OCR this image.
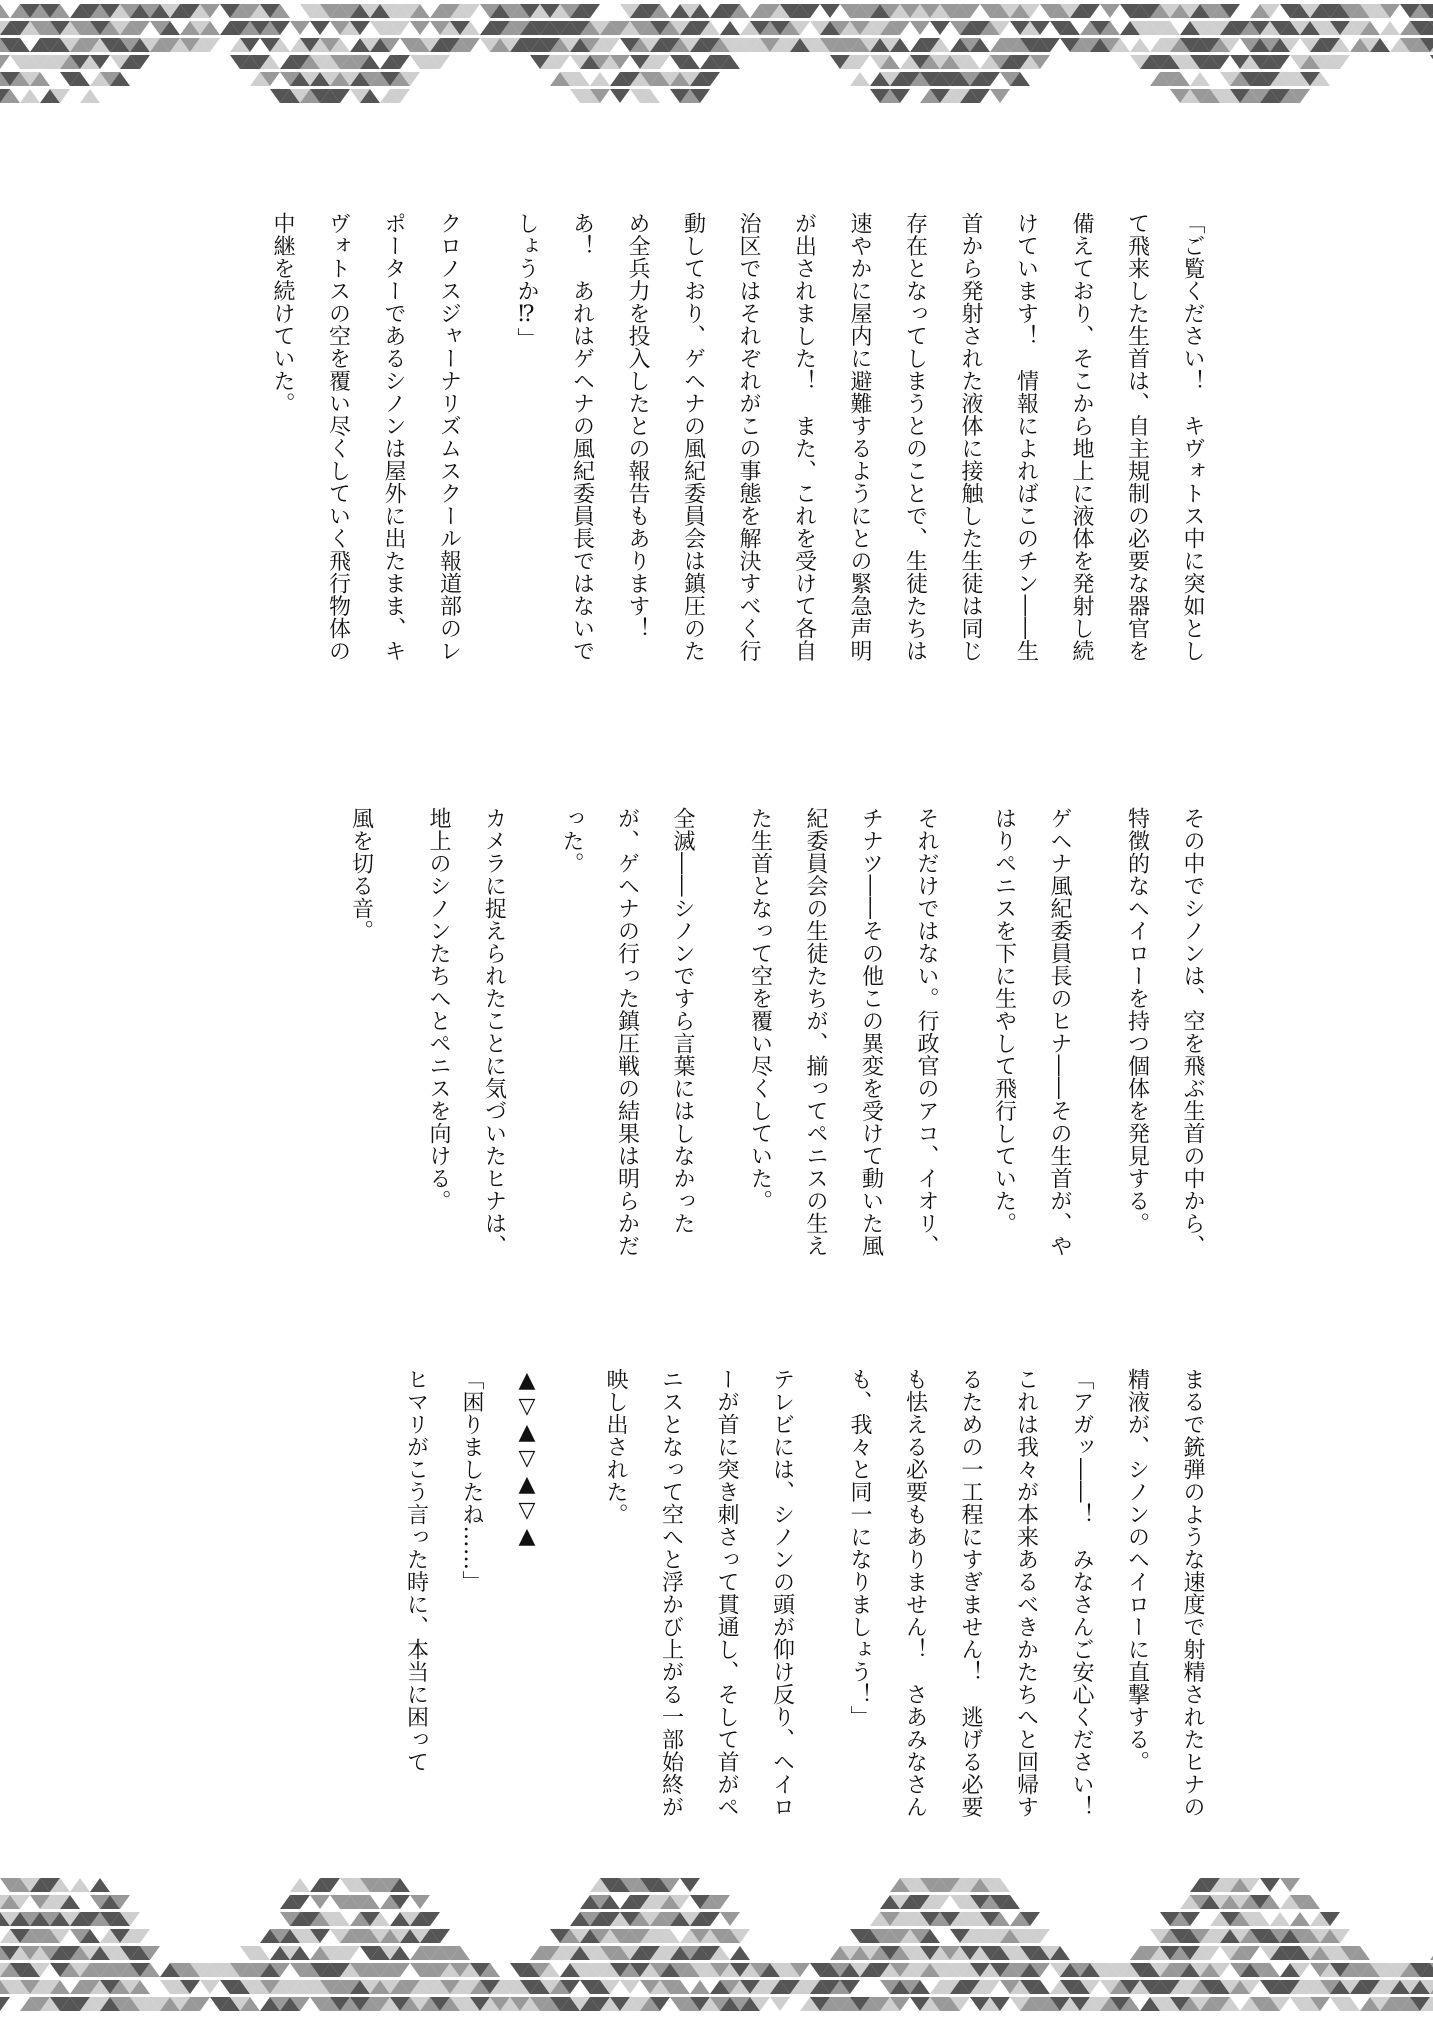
「ご覧ください！　キヴォトス中に突如として飛来した生首は、自主規制の必要な器官を備えており、そこから地上に液体を発射し続けています！　情報によればこのチン――生首から発射された液体に接触した生徒は同じ存在となってしまうとのことで、生徒たちは速やかに屋内に避難するようにとの緊急声明が出されました！　また、これを受けて各自治区ではそれぞれがこの事態を解決すべく行動しており、ゲヘナの風紀委員会は鎮圧のため全兵力を投入したとの報告もあります！　あ！　あれはゲヘナの風紀委員長ではないでしょうか⁉」

クロノスジャーナリズムスクール報道部のレポーターであるシノンは屋外に出たまま、キヴォトスの空を覆い尽くしていく飛行物体の中継を続けていた。

その中でシノンは、空を飛ぶ生首の中から、特徴的なヘイローを持つ個体を発見する。

ゲヘナ風紀委員長のヒナ――その生首が、やはりペニスを下に生やして飛行していた。

それだけではない。行政官のアコ、イオリ、チナツ――その他この異変を受けて動いた風紀委員会の生徒たちが、揃ってペニスの生えた生首となって空を覆い尽くしていた。

全滅――シノンですら言葉にはしなかったが、ゲヘナの行った鎮圧戦の結果は明らかだった。

カメラに捉えられたことに気づいたヒナは、地上のシノンたちへとペニスを向ける。

風を切る音。

まるで銃弾のような速度で射精されたヒナの精液が、シノンのヘイローに直撃する。

「アガッ――！　みなさんご安心ください！　これは我々が本来あるべきかたちへと回帰するための一工程にすぎません！　逃げる必要も怯える必要もありません！　さあみなさんも、我々と同一になりましょう！」

テレビには、シノンの頭が仰け反り、ヘイローが首に突き刺さって貫通し、そして首がペニスとなって空へと浮かび上がる一部始終が映し出された。

▲▽▲▽▲▽▲

「困りましたね……」

ヒマリがこう言った時に、本当に困って
